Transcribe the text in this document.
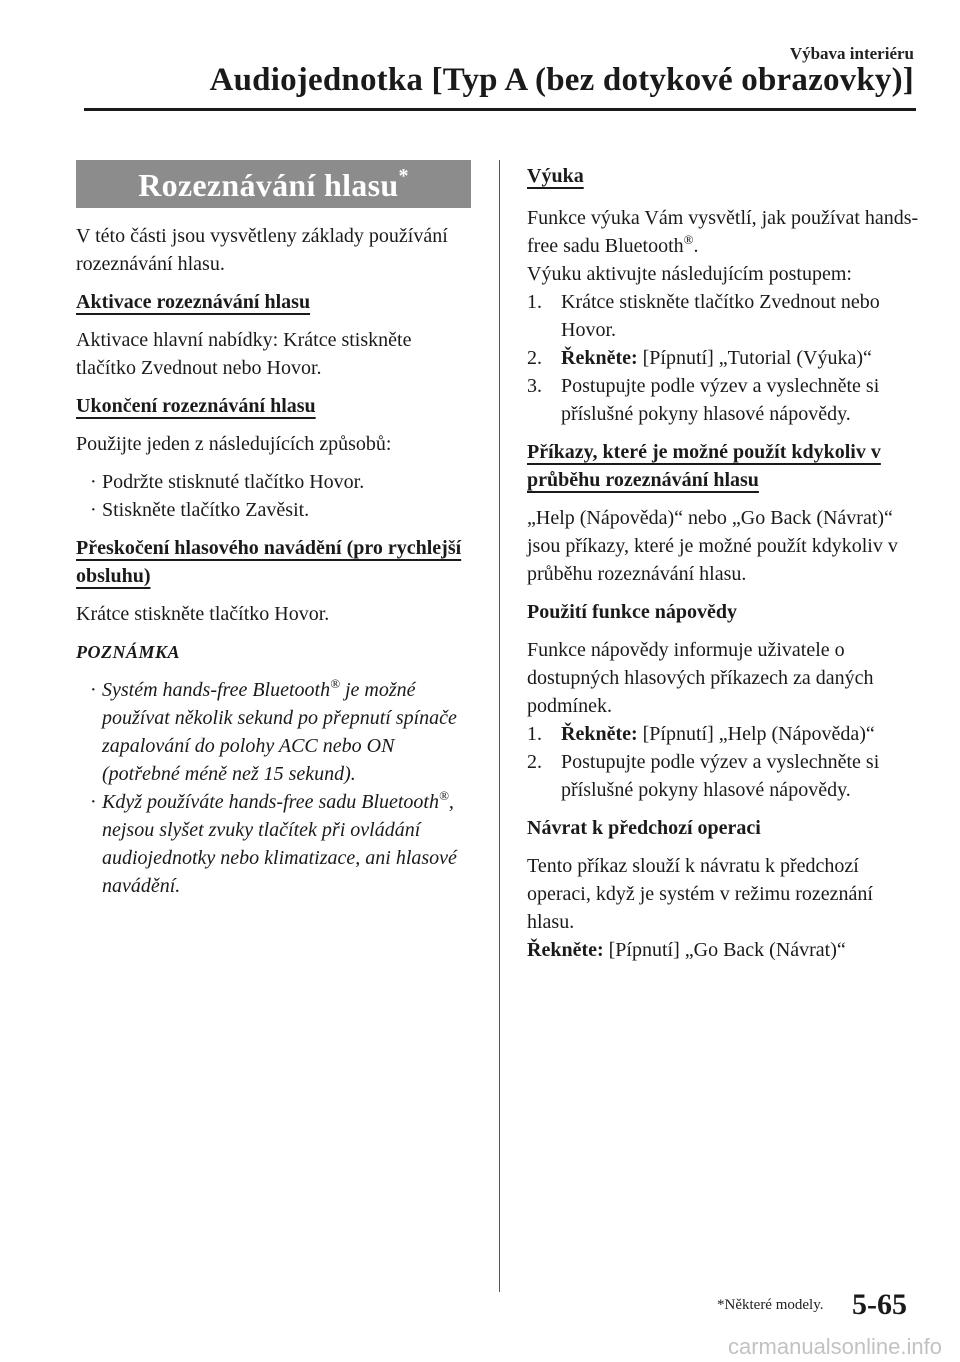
Výbava interiéru
Audiojednotka [Typ A (bez dotykové obrazovky)]
Rozeznávání hlasu*

V této části jsou vysvětleny základy používání rozeznávání hlasu.

Aktivace rozeznávání hlasu

Aktivace hlavní nabídky: Krátce stiskněte tlačítko Zvednout nebo Hovor.

Ukončení rozeznávání hlasu

Použijte jeden z následujících způsobů:

· Podržte stisknuté tlačítko Hovor.
· Stiskněte tlačítko Zavěsit.
Přeskočení hlasového navádění (pro rychlejší obsluhu)

Krátce stiskněte tlačítko Hovor.

POZNÁMKA
· Systém hands-free Bluetooth® je možné používat několik sekund po přepnutí spínače zapalování do polohy ACC nebo ON (potřebné méně než 15 sekund).
· Když používáte hands-free sadu Bluetooth®, nejsou slyšet zvuky tlačítek při ovládání audiojednotky nebo klimatizace, ani hlasové navádění.
Výuka

Funkce výuka Vám vysvětlí, jak používat hands-free sadu Bluetooth®.

Výuku aktivujte následujícím postupem:

1. Krátce stiskněte tlačítko Zvednout nebo Hovor.
2. Řekněte: [Pípnutí] „Tutorial (Výuka)“
3. Postupujte podle výzev a vyslechněte si příslušné pokyny hlasové nápovědy.
Příkazy, které je možné použít kdykoliv v průběhu rozeznávání hlasu

„Help (Nápověda)“ nebo „Go Back (Návrat)“ jsou příkazy, které je možné použít kdykoliv v průběhu rozeznávání hlasu.

Použití funkce nápovědy

Funkce nápovědy informuje uživatele o dostupných hlasových příkazech za daných podmínek.

1. Řekněte: [Pípnutí] „Help (Nápověda)“
2. Postupujte podle výzev a vyslechněte si příslušné pokyny hlasové nápovědy.
Návrat k předchozí operaci

Tento příkaz slouží k návratu k předchozí operaci, když je systém v režimu rozeznání hlasu.

Řekněte: [Pípnutí] „Go Back (Návrat)“

*Některé modely. 5-65
carmanualsonline.info
